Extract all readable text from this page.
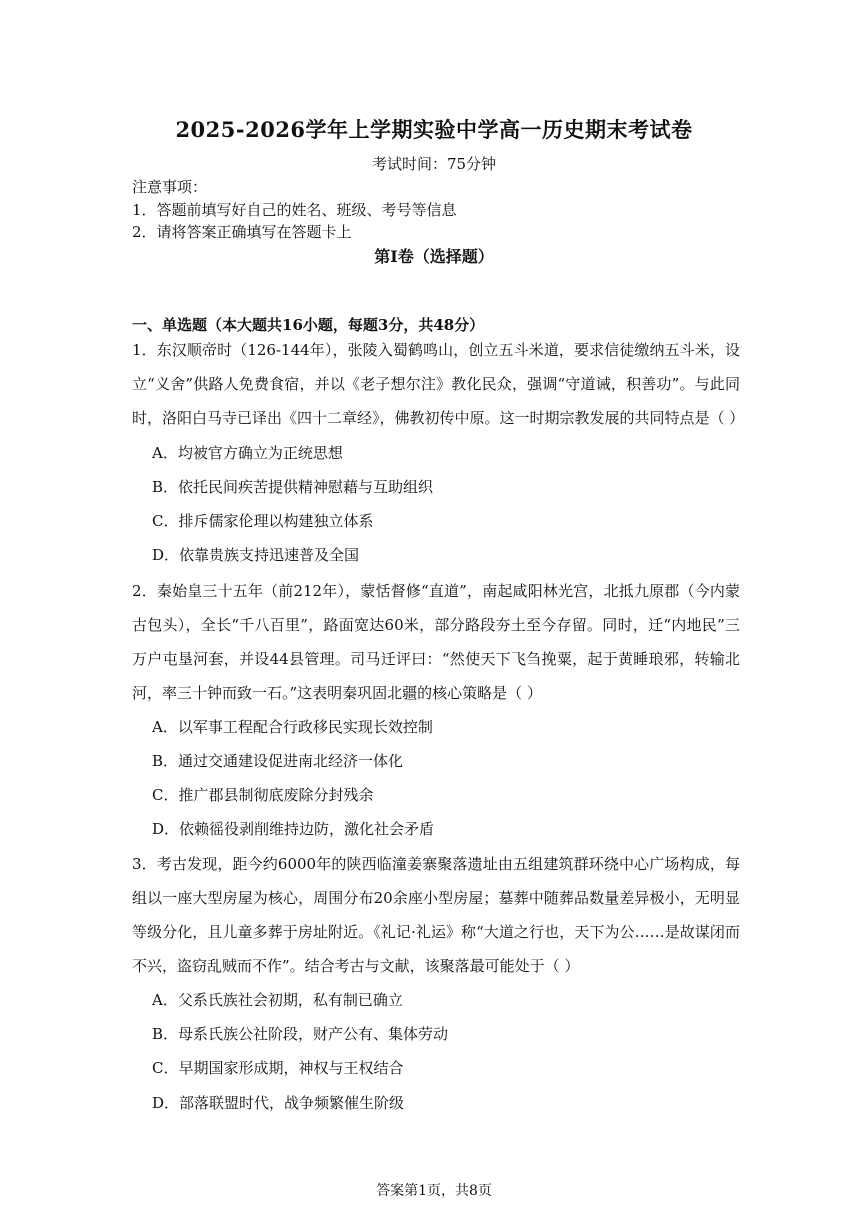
2025-2026学年上学期实验中学高一历史期末考试卷
考试时间：75分钟
注意事项：
1．答题前填写好自己的姓名、班级、考号等信息
2．请将答案正确填写在答题卡上
第I卷（选择题）
一、单选题（本大题共16小题，每题3分，共48分）
1．东汉顺帝时（126-144年），张陵入蜀鹤鸣山，创立五斗米道，要求信徒缴纳五斗米，设立“义舍”供路人免费食宿，并以《老子想尔注》教化民众，强调“守道诫，积善功”。与此同时，洛阳白马寺已译出《四十二章经》，佛教初传中原。这一时期宗教发展的共同特点是（ ）
A．均被官方确立为正统思想
B．依托民间疾苦提供精神慰藉与互助组织
C．排斥儒家伦理以构建独立体系
D．依靠贵族支持迅速普及全国
2．秦始皇三十五年（前212年），蒙恬督修“直道”，南起咸阳林光宫，北抵九原郡（今内蒙古包头），全长“千八百里”，路面宽达60米，部分路段夯土至今存留。同时，迁“内地民”三万户屯垦河套，并设44县管理。司马迁评曰：“然使天下飞刍挽粟，起于黄睡琅邪，转输北河，率三十钟而致一石。”这表明秦巩固北疆的核心策略是（ ）
A．以军事工程配合行政移民实现长效控制
B．通过交通建设促进南北经济一体化
C．推广郡县制彻底废除分封残余
D．依赖徭役剥削维持边防，激化社会矛盾
3．考古发现，距今约6000年的陕西临潼姜寨聚落遗址由五组建筑群环绕中心广场构成，每组以一座大型房屋为核心，周围分布20余座小型房屋；墓葬中随葬品数量差异极小，无明显等级分化，且儿童多葬于房址附近。《礼记·礼运》称“大道之行也，天下为公……是故谋闭而不兴，盗窃乱贼而不作”。结合考古与文献，该聚落最可能处于（ ）
A．父系氏族社会初期，私有制已确立
B．母系氏族公社阶段，财产公有、集体劳动
C．早期国家形成期，神权与王权结合
D．部落联盟时代，战争频繁催生阶级
答案第1页，共8页
